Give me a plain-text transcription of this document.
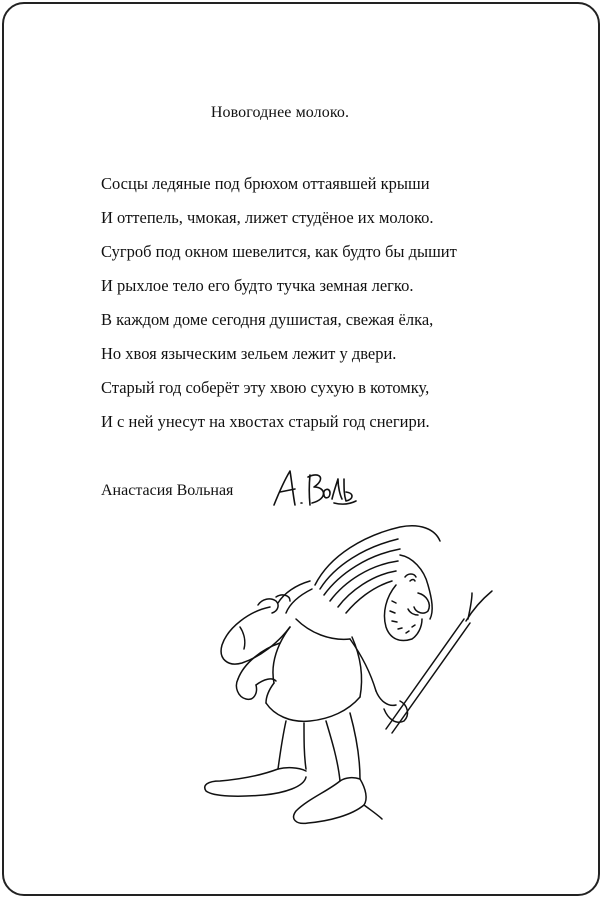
Новогоднее молоко.
Сосцы ледяные под брюхом оттаявшей крыши
И оттепель, чмокая, лижет студёное их молоко.
Сугроб под окном шевелится, как будто бы дышит
И рыхлое тело его будто тучка земная легко.
В каждом доме сегодня душистая, свежая ёлка,
Но хвоя языческим зельем лежит у двери.
Старый год соберёт эту хвою сухую в котомку,
И с ней унесут на хвостах старый год снегири.
Анастасия Вольная
